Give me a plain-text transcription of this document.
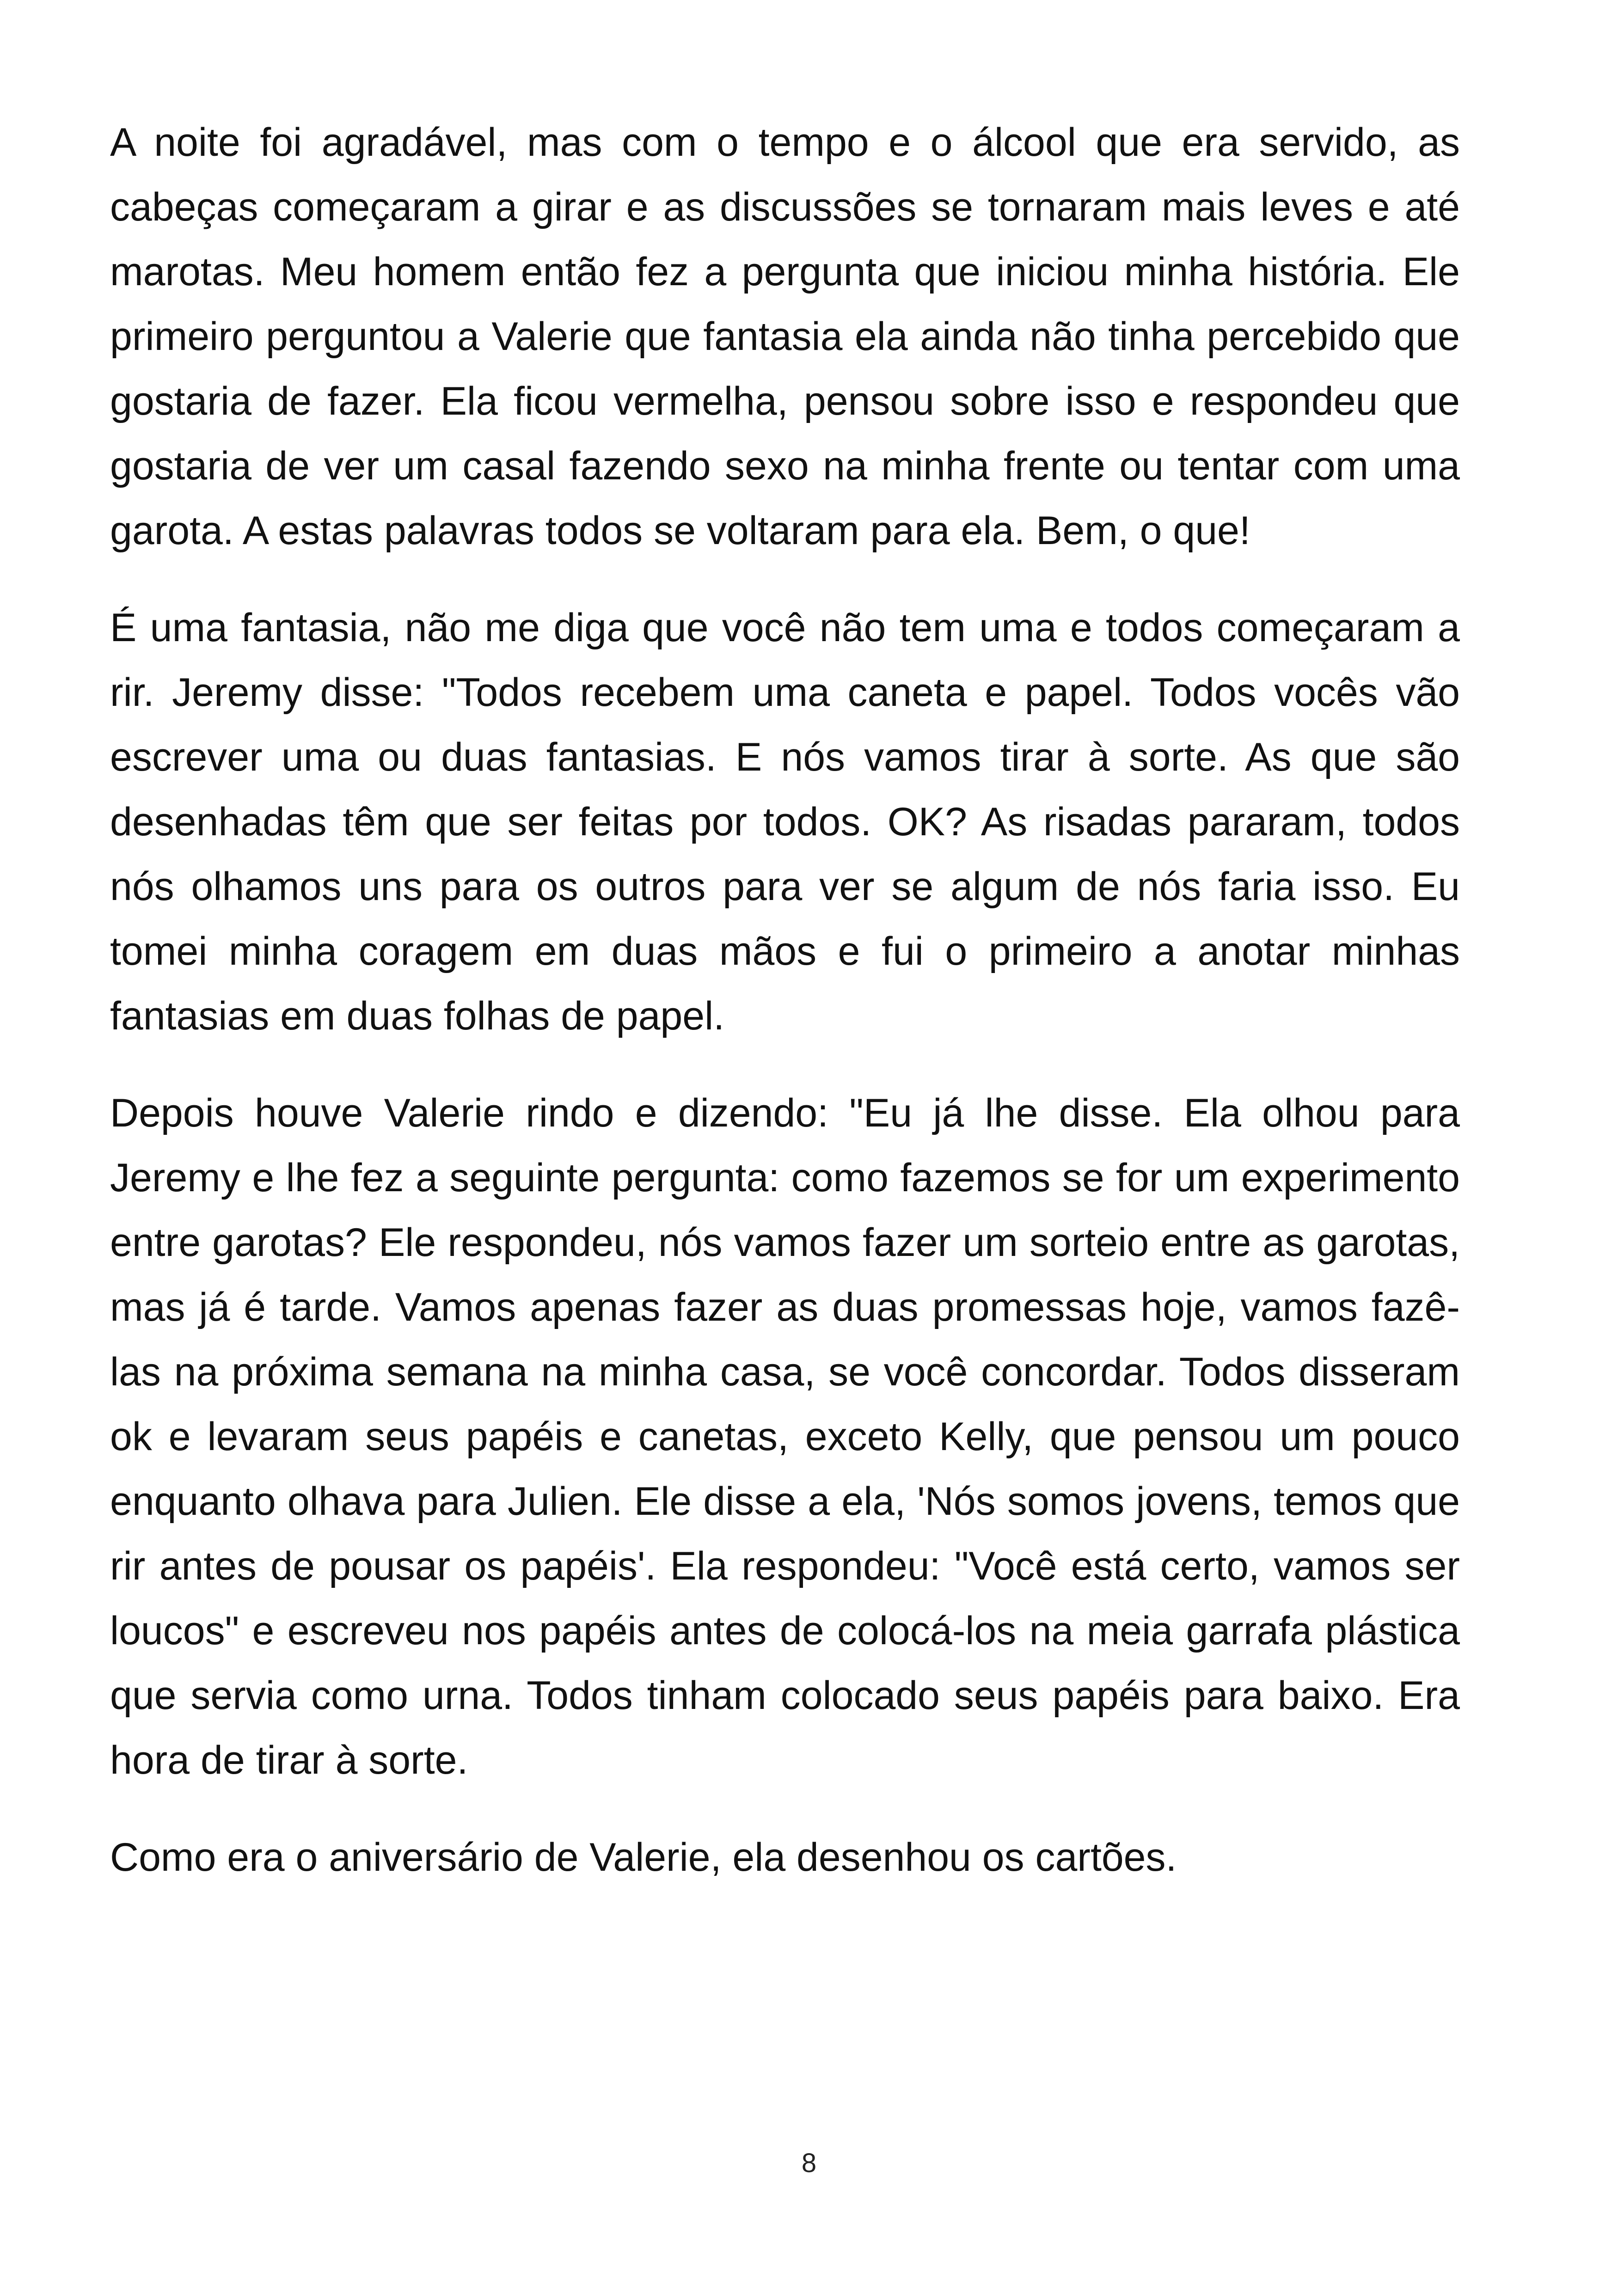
A noite foi agradável, mas com o tempo e o álcool que era servido, as cabeças começaram a girar e as discussões se tornaram mais leves e até marotas. Meu homem então fez a pergunta que iniciou minha história. Ele primeiro perguntou a Valerie que fantasia ela ainda não tinha percebido que gostaria de fazer. Ela ficou vermelha, pensou sobre isso e respondeu que gostaria de ver um casal fazendo sexo na minha frente ou tentar com uma garota. A estas palavras todos se voltaram para ela. Bem, o que!

É uma fantasia, não me diga que você não tem uma e todos começaram a rir. Jeremy disse: "Todos recebem uma caneta e papel. Todos vocês vão escrever uma ou duas fantasias. E nós vamos tirar à sorte. As que são desenhadas têm que ser feitas por todos. OK? As risadas pararam, todos nós olhamos uns para os outros para ver se algum de nós faria isso. Eu tomei minha coragem em duas mãos e fui o primeiro a anotar minhas fantasias em duas folhas de papel.

Depois houve Valerie rindo e dizendo: "Eu já lhe disse. Ela olhou para Jeremy e lhe fez a seguinte pergunta: como fazemos se for um experimento entre garotas? Ele respondeu, nós vamos fazer um sorteio entre as garotas, mas já é tarde. Vamos apenas fazer as duas promessas hoje, vamos fazê-las na próxima semana na minha casa, se você concordar. Todos disseram ok e levaram seus papéis e canetas, exceto Kelly, que pensou um pouco enquanto olhava para Julien. Ele disse a ela, 'Nós somos jovens, temos que rir antes de pousar os papéis'. Ela respondeu: "Você está certo, vamos ser loucos" e escreveu nos papéis antes de colocá-los na meia garrafa plástica que servia como urna. Todos tinham colocado seus papéis para baixo. Era hora de tirar à sorte.

Como era o aniversário de Valerie, ela desenhou os cartões.

8
